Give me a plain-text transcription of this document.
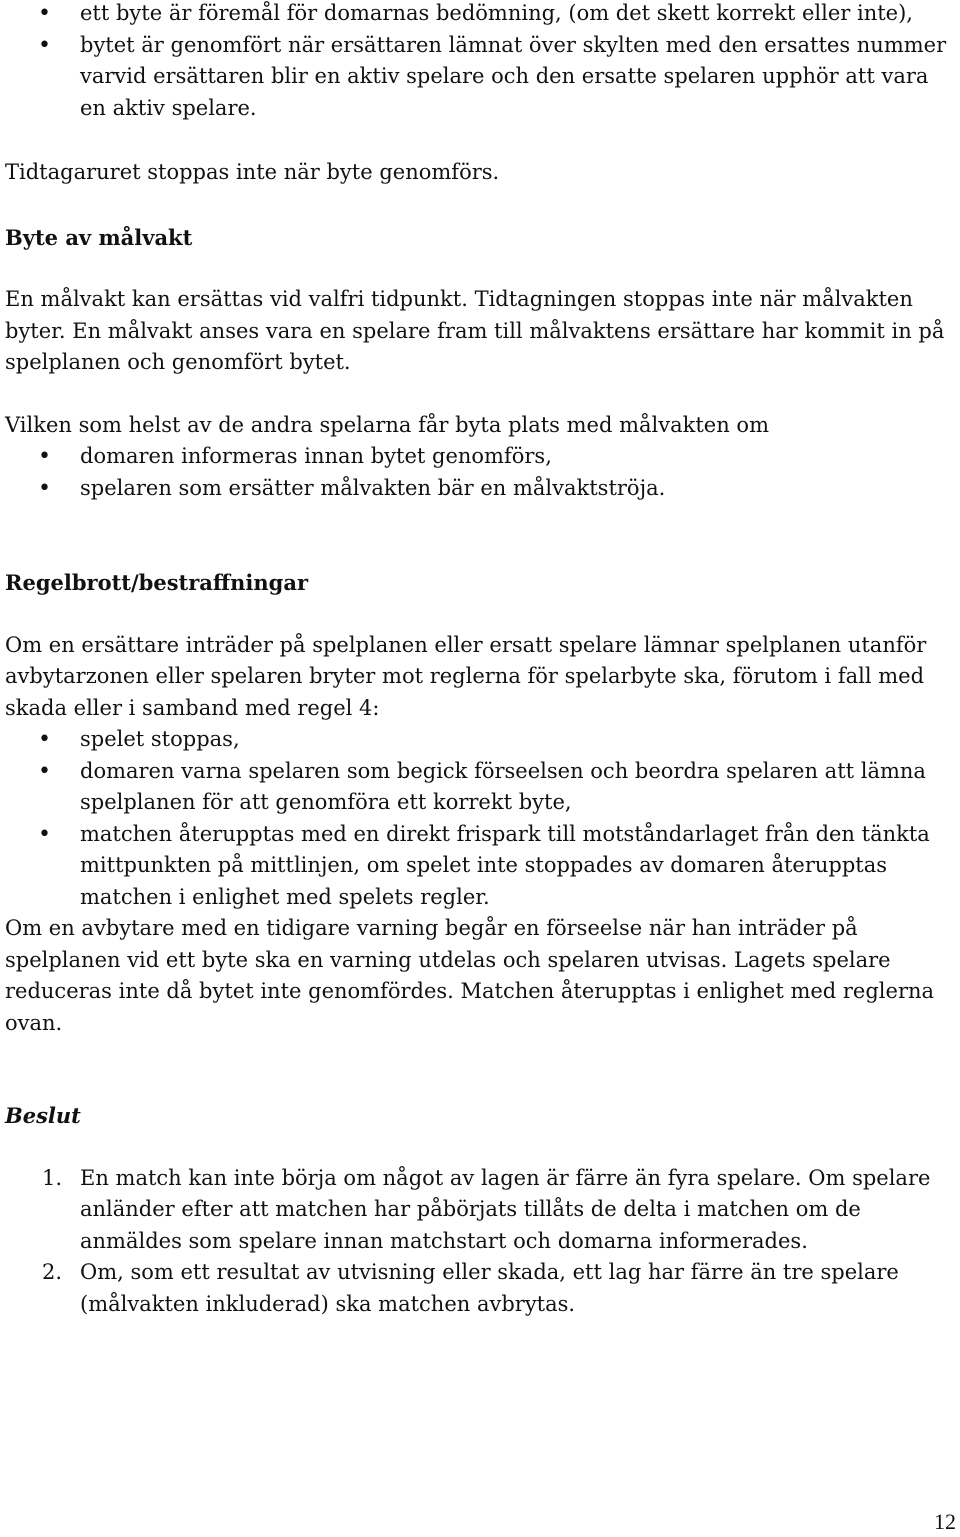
• ett byte är föremål för domarnas bedömning, (om det skett korrekt eller inte),
• bytet är genomfört när ersättaren lämnat över skylten med den ersattes nummer varvid ersättaren blir en aktiv spelare och den ersatte spelaren upphör att vara en aktiv spelare.

Tidtagaruret stoppas inte när byte genomförs.

Byte av målvakt

En målvakt kan ersättas vid valfri tidpunkt. Tidtagningen stoppas inte när målvakten byter. En målvakt anses vara en spelare fram till målvaktens ersättare har kommit in på spelplanen och genomfört bytet.

Vilken som helst av de andra spelarna får byta plats med målvakten om

• domaren informeras innan bytet genomförs,
• spelaren som ersätter målvakten bär en målvaktströja.

Regelbrott/bestraffningar

Om en ersättare inträder på spelplanen eller ersatt spelare lämnar spelplanen utanför avbytarzonen eller spelaren bryter mot reglerna för spelarbyte ska, förutom i fall med skada eller i samband med regel 4:

• spelet stoppas,
• domaren varna spelaren som begick förseelsen och beordra spelaren att lämna spelplanen för att genomföra ett korrekt byte,
• matchen återupptas med en direkt frispark till motståndarlaget från den tänkta mittpunkten på mittlinjen, om spelet inte stoppades av domaren återupptas matchen i enlighet med spelets regler.

Om en avbytare med en tidigare varning begår en förseelse när han inträder på spelplanen vid ett byte ska en varning utdelas och spelaren utvisas. Lagets spelare reduceras inte då bytet inte genomfördes. Matchen återupptas i enlighet med reglerna ovan.

Beslut

1. En match kan inte börja om något av lagen är färre än fyra spelare. Om spelare anländer efter att matchen har påbörjats tillåts de delta i matchen om de anmäldes som spelare innan matchstart och domarna informerades.
2. Om, som ett resultat av utvisning eller skada, ett lag har färre än tre spelare (målvakten inkluderad) ska matchen avbrytas.
12
